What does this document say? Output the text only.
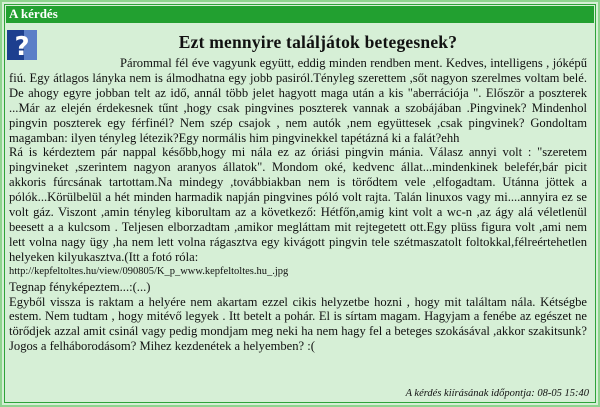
A kérdés
?	Ezt mennyire találjátok betegesnek?

Párommal fél éve vagyunk együtt, eddig minden rendben ment. Kedves, intelligens , jóképű fiú. Egy átlagos lányka nem is álmodhatna egy jobb pasiról.Tényleg szerettem ,sőt nagyon szerelmes voltam belé. De ahogy egyre jobban telt az idő, annál több jelet hagyott maga után a kis "aberrációja ". Először a poszterek ...Már az elején érdekesnek tűnt ,hogy csak pingvines poszterek vannak a szobájában .Pingvinek? Mindenhol pingvin poszterek egy férfinél? Nem szép csajok , nem autók ,nem együttesek ,csak pingvinek? Gondoltam magamban: ilyen tényleg létezik?Egy normális him pingvinekkel tapétázná ki a falát?ehh

Rá is kérdeztem pár nappal később,hogy mi nála ez az óriási pingvin mánia. Válasz annyi volt : "szeretem pingvineket ,szerintem nagyon aranyos állatok". Mondom oké, kedvenc állat...mindenkinek belefér,bár picit akkoris fúrcsának tartottam.Na mindegy ,továbbiakban nem is törődtem vele ,elfogadtam. Utánna jöttek a pólók...Körülbelül a hét minden harmadik napján pingvines póló volt rajta. Talán linuxos vagy mi....annyira ez se volt gáz. Viszont ,amin tényleg kiborultam az a következő: Hétfőn,amig kint volt a wc-n ,az ágy alá véletlenül beesett a a kulcsom . Teljesen elborzadtam ,amikor megláttam mit rejtegetett ott.Egy plüss figura volt ,ami nem lett volna nagy ügy ,ha nem lett volna rágasztva egy kivágott pingvin tele szétmaszatolt foltokkal,félreértehetlen helyeken kilyukasztva.(Itt a fotó róla:

http://kepfeltoltes.hu/view/090805/K_p_www.kepfeltoltes.hu_.jpg

Tegnap fényképeztem...:(...)

Egyből vissza is raktam a helyére nem akartam ezzel cikis helyzetbe hozni , hogy mit találtam nála. Kétségbe estem. Nem tudtam , hogy mitévő legyek . Itt betelt a pohár. El is sírtam magam. Hagyjam a fenébe az egészet ne törődjek azzal amit csinál vagy pedig mondjam meg neki ha nem hagy fel a beteges szokásával ,akkor szakitsunk?Jogos a felháborodásom? Mihez kezdenétek a helyemben? :(

A kérdés kiírásának időpontja: 08-05 15:40
